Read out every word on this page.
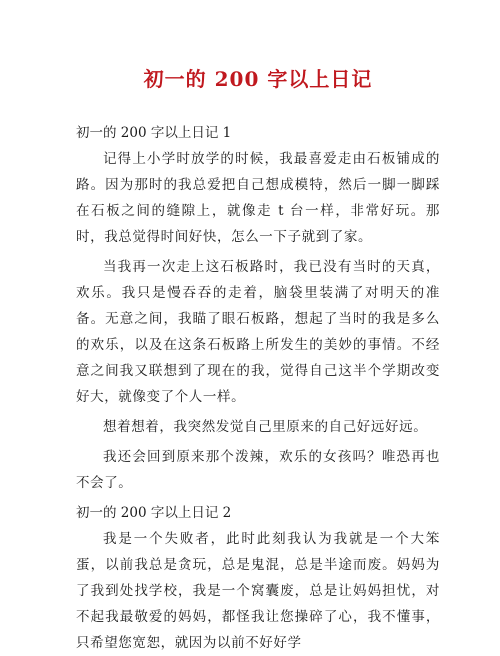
初一的 200 字以上日记

初一的 200 字以上日记 1

记得上小学时放学的时候，我最喜爱走由石板铺成的路。因为那时的我总爱把自己想成模特，然后一脚一脚踩在石板之间的缝隙上，就像走 t 台一样，非常好玩。那时，我总觉得时间好快，怎么一下子就到了家。

当我再一次走上这石板路时，我已没有当时的天真，欢乐。我只是慢吞吞的走着，脑袋里装满了对明天的准备。无意之间，我瞄了眼石板路，想起了当时的我是多么的欢乐，以及在这条石板路上所发生的美妙的事情。不经意之间我又联想到了现在的我，觉得自己这半个学期改变好大，就像变了个人一样。

想着想着，我突然发觉自己里原来的自己好远好远。

我还会回到原来那个泼辣，欢乐的女孩吗？唯恐再也不会了。

初一的 200 字以上日记 2

我是一个失败者，此时此刻我认为我就是一个大笨蛋，以前我总是贪玩，总是鬼混，总是半途而废。妈妈为了我到处找学校，我是一个窝囊废，总是让妈妈担忧，对不起我最敬爱的妈妈，都怪我让您操碎了心，我不懂事，只希望您宽恕，就因为以前不好好学
